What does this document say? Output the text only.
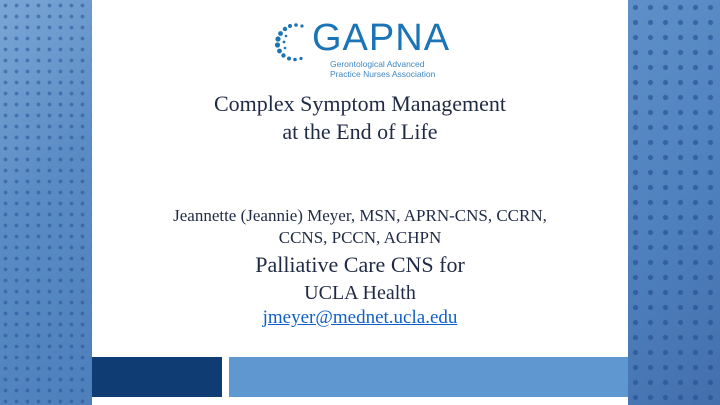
GAPNA
Gerontological Advanced
Practice Nurses Association
Complex Symptom Management
at the End of Life
Jeannette (Jeannie) Meyer, MSN, APRN-CNS, CCRN,
CCNS, PCCN, ACHPN
Palliative Care CNS for
UCLA Health
jmeyer@mednet.ucla.edu
